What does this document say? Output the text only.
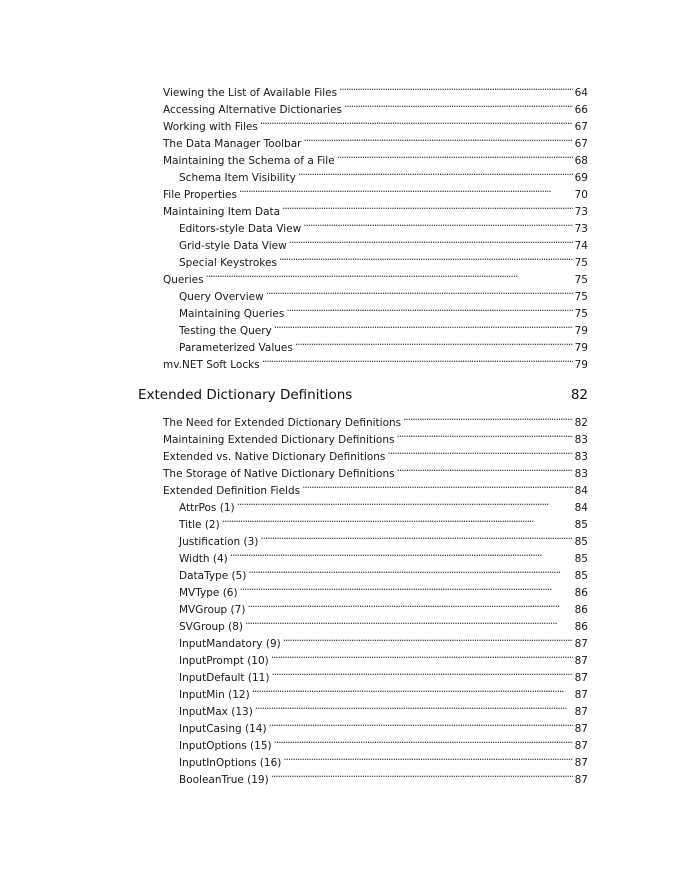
Viewing the List of Available Files . . .	64
Accessing Alternative Dictionaries . . .	66
Working with Files . . .	67
The Data Manager Toolbar . . .	67
Maintaining the Schema of a File . . .	68
Schema Item Visibility . . .	69
File Properties . . .	70
Maintaining Item Data . . .	73
Editors-style Data View . . .	73
Grid-style Data View . . .	74
Special Keystrokes . . .	75
Queries . . .	75
Query Overview . . .	75
Maintaining Queries . . .	75
Testing the Query . . .	79
Parameterized Values . . .	79
mv.NET Soft Locks . . .	79
Extended Dictionary Definitions	82
The Need for Extended Dictionary Definitions . . .	82
Maintaining Extended Dictionary Definitions . . .	83
Extended vs. Native Dictionary Definitions . . .	83
The Storage of Native Dictionary Definitions . . .	83
Extended Definition Fields . . .	84
AttrPos (1) . . .	84
Title (2) . . .	85
Justification (3) . . .	85
Width (4) . . .	85
DataType (5) . . .	85
MVType (6) . . .	86
MVGroup (7) . . .	86
SVGroup (8) . . .	86
InputMandatory (9) . . .	87
InputPrompt (10) . . .	87
InputDefault (11) . . .	87
InputMin (12) . . .	87
InputMax (13) . . .	87
InputCasing (14) . . .	87
InputOptions (15) . . .	87
InputInOptions (16) . . .	87
BooleanTrue (19) . . .	87
